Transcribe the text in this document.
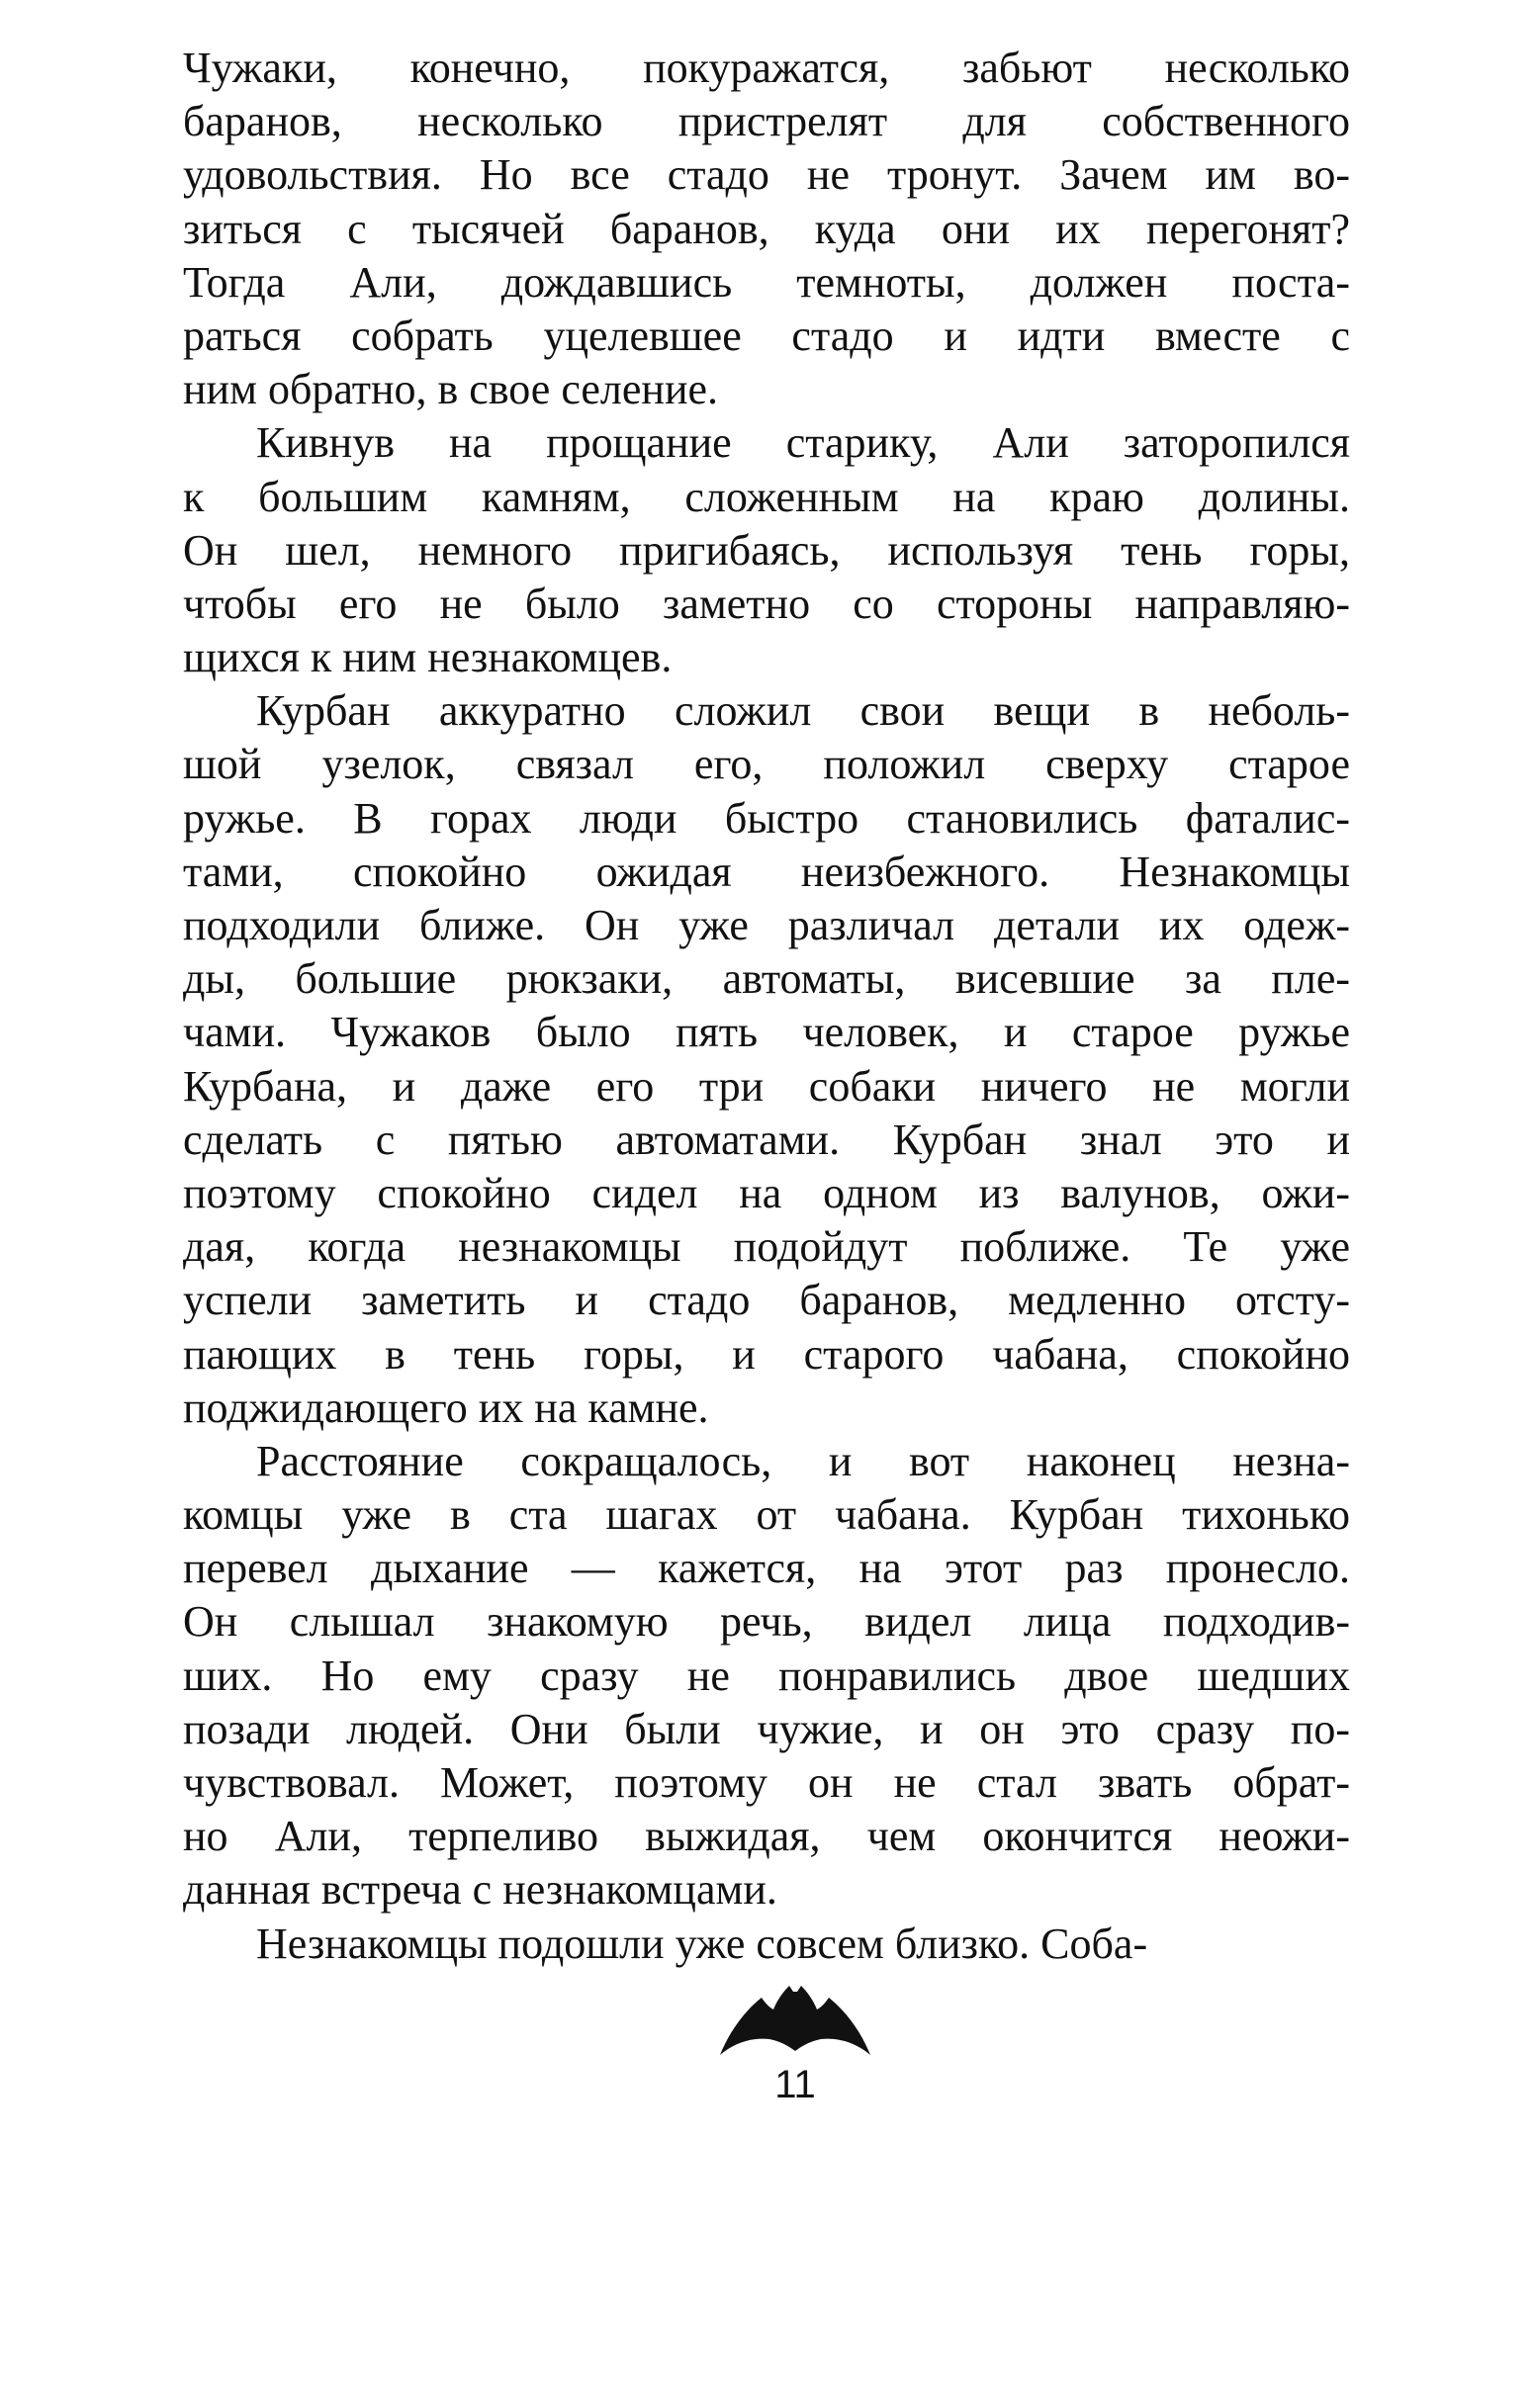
Чужаки, конечно, покуражатся, забьют несколько
баранов, несколько пристрелят для собственного
удовольствия. Но все стадо не тронут. Зачем им во-
зиться с тысячей баранов, куда они их перегонят?
Тогда Али, дождавшись темноты, должен постa-
раться собрать уцелевшее стадо и идти вместе с
ним обратно, в свое селение.
Кивнув на прощание старику, Али заторопился
к большим камням, сложенным на краю долины.
Он шел, немного пригибаясь, используя тень горы,
чтобы его не было заметно со стороны направляю-
щихся к ним незнакомцев.
Курбан аккуратно сложил свои вещи в неболь-
шой узелок, связал его, положил сверху старое
ружье. В горах люди быстро становились фаталис-
тами, спокойно ожидая неизбежного. Незнакомцы
подходили ближе. Он уже различал детали их одеж-
ды, большие рюкзаки, автоматы, висевшие за пле-
чами. Чужаков было пять человек, и старое ружье
Курбана, и даже его три собаки ничего не могли
сделать с пятью автоматами. Курбан знал это и
поэтому спокойно сидел на одном из валунов, ожи-
дая, когда незнакомцы подойдут поближе. Те уже
успели заметить и стадо баранов, медленно отсту-
пающих в тень горы, и старого чабана, спокойно
поджидающего их на камне.
Расстояние сокращалось, и вот наконец незна-
комцы уже в ста шагах от чабана. Курбан тихонько
перевел дыхание — кажется, на этот раз пронесло.
Он слышал знакомую речь, видел лица подходив-
ших. Но ему сразу не понравились двое шедших
позади людей. Они были чужие, и он это сразу по-
чувствовал. Может, поэтому он не стал звать обрат-
но Али, терпеливо выжидая, чем окончится неожи-
данная встреча с незнакомцами.
Незнакомцы подошли уже совсем близко. Соба-
11
